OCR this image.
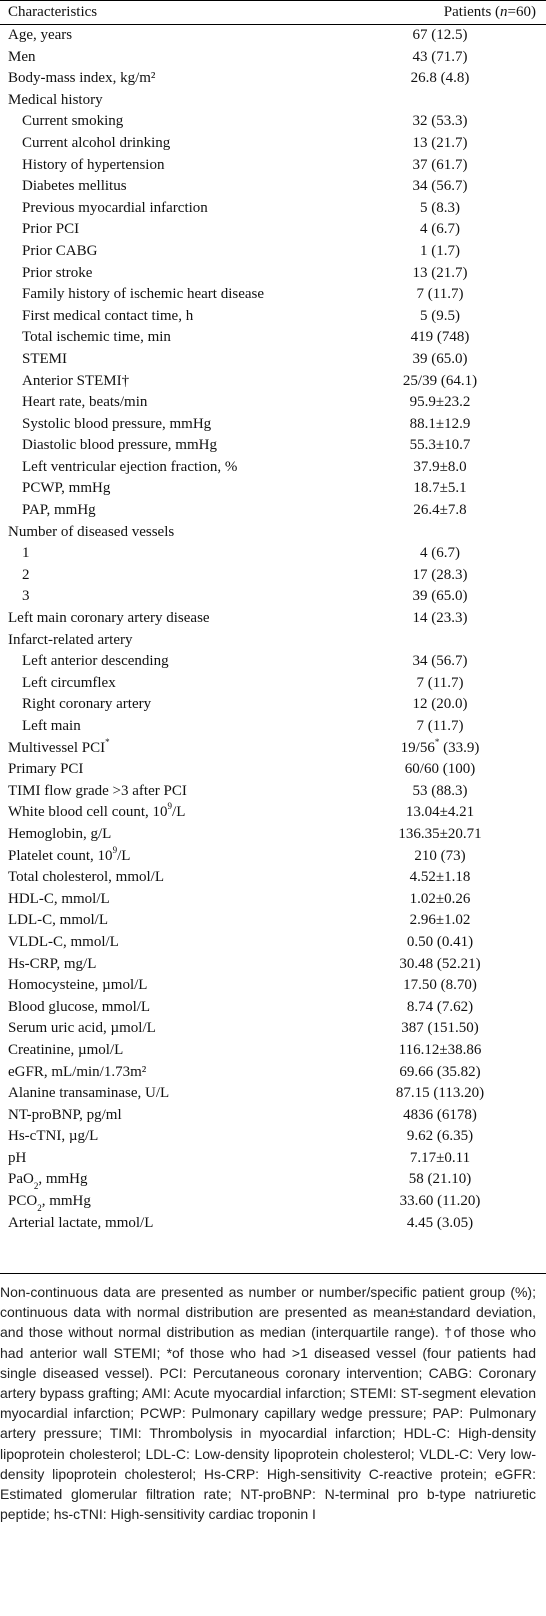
Characteristics	Patients (n=60)
Age, years	67 (12.5)
Men	43 (71.7)
Body-mass index, kg/m²	26.8 (4.8)
Medical history
Current smoking	32 (53.3)
Current alcohol drinking	13 (21.7)
History of hypertension	37 (61.7)
Diabetes mellitus	34 (56.7)
Previous myocardial infarction	5 (8.3)
Prior PCI	4 (6.7)
Prior CABG	1 (1.7)
Prior stroke	13 (21.7)
Family history of ischemic heart disease	7 (11.7)
First medical contact time, h	5 (9.5)
Total ischemic time, min	419 (748)
STEMI	39 (65.0)
Anterior STEMI†	25/39 (64.1)
Heart rate, beats/min	95.9±23.2
Systolic blood pressure, mmHg	88.1±12.9
Diastolic blood pressure, mmHg	55.3±10.7
Left ventricular ejection fraction, %	37.9±8.0
PCWP, mmHg	18.7±5.1
PAP, mmHg	26.4±7.8
Number of diseased vessels
1	4 (6.7)
2	17 (28.3)
3	39 (65.0)
Left main coronary artery disease	14 (23.3)
Infarct-related artery
Left anterior descending	34 (56.7)
Left circumflex	7 (11.7)
Right coronary artery	12 (20.0)
Left main	7 (11.7)
Multivessel PCI*	19/56* (33.9)
Primary PCI	60/60 (100)
TIMI flow grade >3 after PCI	53 (88.3)
White blood cell count, $10^9/L$	13.04±4.21
Hemoglobin, g/L	136.35±20.71
Platelet count, $10^9/L$	210 (73)
Total cholesterol, mmol/L	4.52±1.18
HDL-C, mmol/L	1.02±0.26
LDL-C, mmol/L	2.96±1.02
VLDL-C, mmol/L	0.50 (0.41)
Hs-CRP, mg/L	30.48 (52.21)
Homocysteine, µmol/L	17.50 (8.70)
Blood glucose, mmol/L	8.74 (7.62)
Serum uric acid, µmol/L	387 (151.50)
Creatinine, µmol/L	116.12±38.86
eGFR, mL/min/1.73m²	69.66 (35.82)
Alanine transaminase, U/L	87.15 (113.20)
NT-proBNP, pg/ml	4836 (6178)
Hs-cTNI, µg/L	9.62 (6.35)
pH	7.17±0.11
PaO$_2$, mmHg	58 (21.10)
$PCO_2$, mmHg	33.60 (11.20)
Arterial lactate, mmol/L	4.45 (3.05)
Non-continuous data are presented as number or number/specific patient group (%); continuous data with normal distribution are presented as mean±standard deviation, and those without normal distribution as median (interquartile range). †of those who had anterior wall STEMI; *of those who had >1 diseased vessel (four patients had single diseased vessel). PCI: Percutaneous coronary intervention; CABG: Coronary artery bypass grafting; AMI: Acute myocardial infarction; STEMI: ST-segment elevation myocardial infarction; PCWP: Pulmonary capillary wedge pressure; PAP: Pulmonary artery pressure; TIMI: Thrombolysis in myocardial infarction; HDL-C: High-density lipoprotein cholesterol; LDL-C: Low-density lipoprotein cholesterol; VLDL-C: Very low-density lipoprotein cholesterol; Hs-CRP: High-sensitivity C-reactive protein; eGFR: Estimated glomerular filtration rate; NT-proBNP: N-terminal pro b-type natriuretic peptide; hs-cTNI: High-sensitivity cardiac troponin I
